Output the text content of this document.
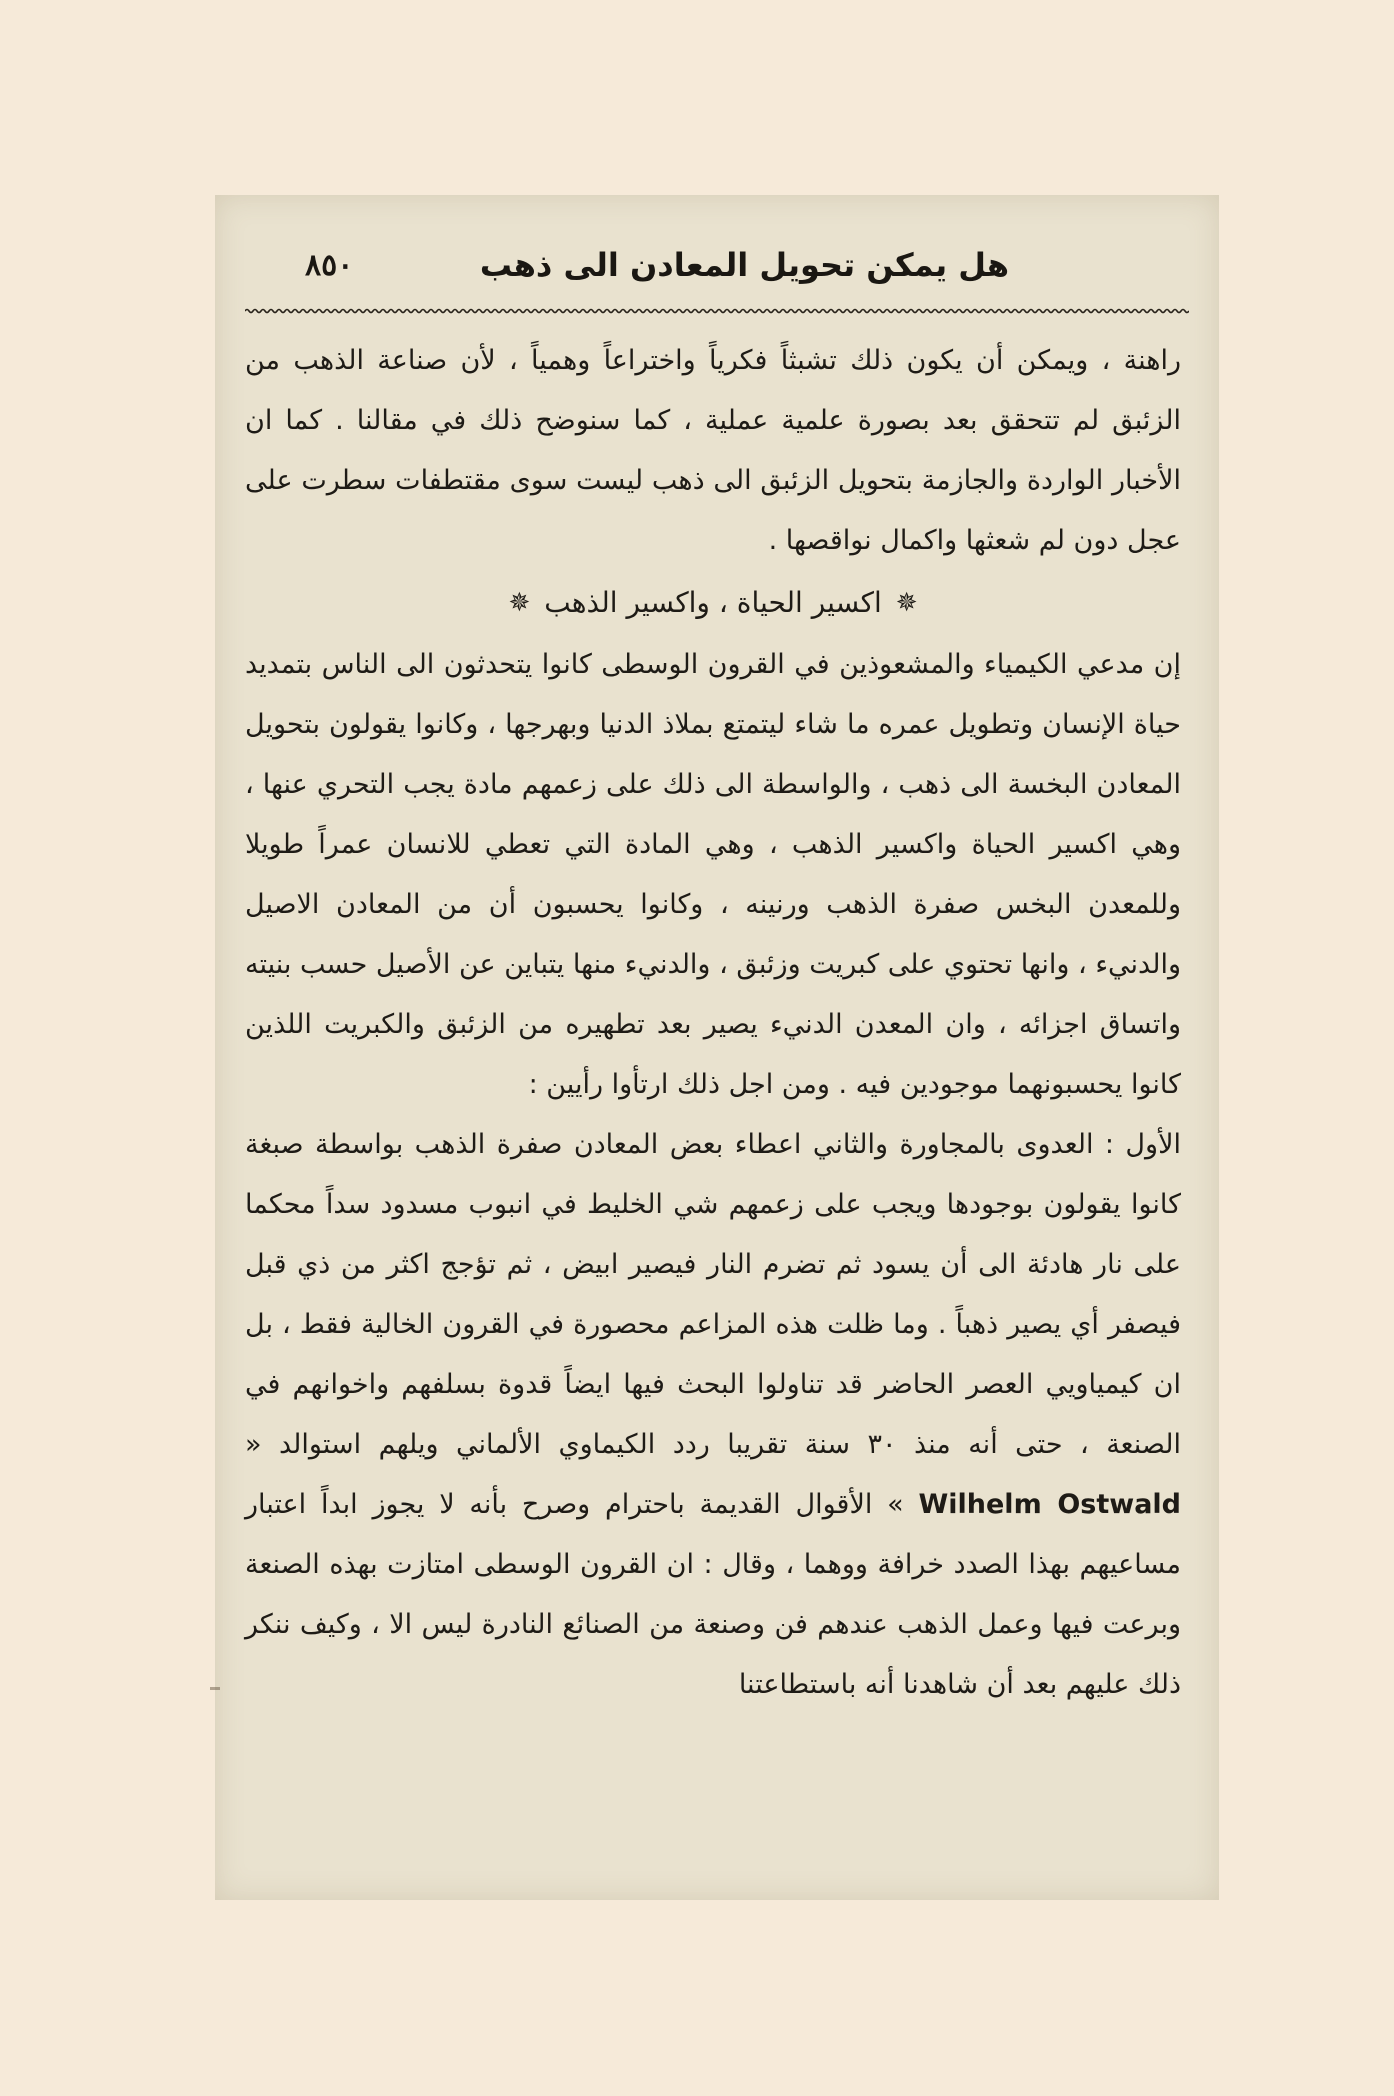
٨٥٠	هل يمكن تحويل المعادن الى ذهب

راهنة ، ويمكن أن يكون ذلك تشبثاً فكرياً واختراعاً وهمياً ، لأن صناعة الذهب من الزئبق لم تتحقق بعد بصورة علمية عملية ، كما سنوضح ذلك في مقالنا . كما ان الأخبار الواردة والجازمة بتحويل الزئبق الى ذهب ليست سوى مقتطفات سطرت على عجل دون لم شعثها واكمال نواقصها .

✵
اكسير الحياة ، واكسير الذهب
✵

إن مدعي الكيمياء والمشعوذين في القرون الوسطى كانوا يتحدثون الى الناس بتمديد حياة الإنسان وتطويل عمره ما شاء ليتمتع بملاذ الدنيا وبهرجها ، وكانوا يقولون بتحويل المعادن البخسة الى ذهب ، والواسطة الى ذلك على زعمهم مادة يجب التحري عنها ، وهي اكسير الحياة واكسير الذهب ، وهي المادة التي تعطي للانسان عمراً طويلا وللمعدن البخس صفرة الذهب ورنينه ، وكانوا يحسبون أن من المعادن الاصيل والدنيء ، وانها تحتوي على كبريت وزئبق ، والدنيء منها يتباين عن الأصيل حسب بنيته واتساق اجزائه ، وان المعدن الدنيء يصير بعد تطهيره من الزئبق والكبريت اللذين كانوا يحسبونهما موجودين فيه . ومن اجل ذلك ارتأوا رأيين :

الأول : العدوى بالمجاورة والثاني اعطاء بعض المعادن صفرة الذهب بواسطة صبغة كانوا يقولون بوجودها ويجب على زعمهم شي الخليط في انبوب مسدود سداً محكما على نار هادئة الى أن يسود ثم تضرم النار فيصير ابيض ، ثم تؤجج اكثر من ذي قبل فيصفر أي يصير ذهباً . وما ظلت هذه المزاعم محصورة في القرون الخالية فقط ، بل ان كيمياويي العصر الحاضر قد تناولوا البحث فيها ايضاً قدوة بسلفهم واخوانهم في الصنعة ، حتى أنه منذ ٣٠ سنة تقريبا ردد الكيماوي الألماني ويلهم استوالد « Wilhelm Ostwald » الأقوال القديمة باحترام وصرح بأنه لا يجوز ابداً اعتبار مساعيهم بهذا الصدد خرافة ووهما ، وقال : ان القرون الوسطى امتازت بهذه الصنعة وبرعت فيها وعمل الذهب عندهم فن وصنعة من الصنائع النادرة ليس الا ، وكيف ننكر ذلك عليهم بعد أن شاهدنا أنه باستطاعتنا
